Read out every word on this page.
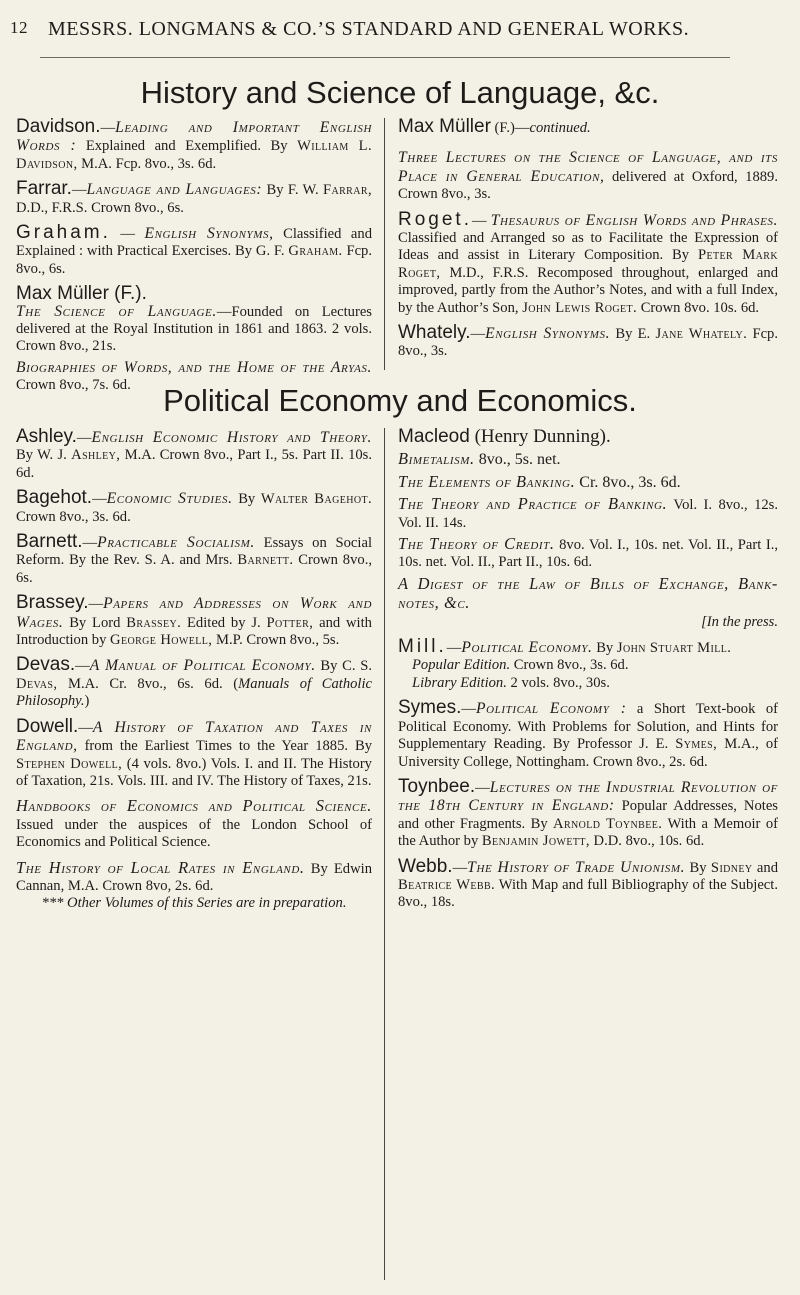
12 MESSRS. LONGMANS & CO.’S STANDARD AND GENERAL WORKS.
History and Science of Language, &c.

Davidson.—Leading and Important English Words : Explained and Exemplified. By William L. Davidson, M.A. Fcp. 8vo., 3s. 6d.

Farrar.—Language and Languages: By F. W. Farrar, D.D., F.R.S. Crown 8vo., 6s.

Graham. — English Synonyms, Classified and Explained : with Practical Exercises. By G. F. Graham. Fcp. 8vo., 6s.

Max Müller (F.).
The Science of Language.—Founded on Lectures delivered at the Royal Institution in 1861 and 1863. 2 vols. Crown 8vo., 21s.

Biographies of Words, and the Home of the Aryas. Crown 8vo., 7s. 6d.

Max Müller (F.)—continued.

Three Lectures on the Science of Language, and its Place in General Education, delivered at Oxford, 1889. Crown 8vo., 3s.

Roget.— Thesaurus of English Words and Phrases. Classified and Arranged so as to Facilitate the Expression of Ideas and assist in Literary Composition. By Peter Mark Roget, M.D., F.R.S. Recomposed throughout, enlarged and improved, partly from the Author’s Notes, and with a full Index, by the Author’s Son, John Lewis Roget. Crown 8vo. 10s. 6d.

Whately.—English Synonyms. By E. Jane Whately. Fcp. 8vo., 3s.

Political Economy and Economics.

Ashley.—English Economic History and Theory. By W. J. Ashley, M.A. Crown 8vo., Part I., 5s. Part II. 10s. 6d.

Bagehot.—Economic Studies. By Walter Bagehot. Crown 8vo., 3s. 6d.

Barnett.—Practicable Socialism. Essays on Social Reform. By the Rev. S. A. and Mrs. Barnett. Crown 8vo., 6s.

Brassey.—Papers and Addresses on Work and Wages. By Lord Brassey. Edited by J. Potter, and with Introduction by George Howell, M.P. Crown 8vo., 5s.

Devas.—A Manual of Political Economy. By C. S. Devas, M.A. Cr. 8vo., 6s. 6d. (Manuals of Catholic Philosophy.)

Dowell.—A History of Taxation and Taxes in England, from the Earliest Times to the Year 1885. By Stephen Dowell, (4 vols. 8vo.) Vols. I. and II. The History of Taxation, 21s. Vols. III. and IV. The History of Taxes, 21s.

Handbooks of Economics and Political Science. Issued under the auspices of the London School of Economics and Political Science.

The History of Local Rates in England. By Edwin Cannan, M.A. Crown 8vo, 2s. 6d.
*** Other Volumes of this Series are in preparation.

Macleod (Henry Dunning).

Bimetalism. 8vo., 5s. net.

The Elements of Banking. Cr. 8vo., 3s. 6d.

The Theory and Practice of Banking. Vol. I. 8vo., 12s. Vol. II. 14s.

The Theory of Credit. 8vo. Vol. I., 10s. net. Vol. II., Part I., 10s. net. Vol. II., Part II., 10s. 6d.

A Digest of the Law of Bills of Exchange, Bank-notes, &c.
[In the press.

Mill.—Political Economy. By John Stuart Mill.
Popular Edition. Crown 8vo., 3s. 6d.
Library Edition. 2 vols. 8vo., 30s.

Symes.—Political Economy : a Short Text-book of Political Economy. With Problems for Solution, and Hints for Supplementary Reading. By Professor J. E. Symes, M.A., of University College, Nottingham. Crown 8vo., 2s. 6d.

Toynbee.—Lectures on the Industrial Revolution of the 18th Century in England: Popular Addresses, Notes and other Fragments. By Arnold Toynbee. With a Memoir of the Author by Benjamin Jowett, D.D. 8vo., 10s. 6d.

Webb.—The History of Trade Unionism. By Sidney and Beatrice Webb. With Map and full Bibliography of the Subject. 8vo., 18s.
